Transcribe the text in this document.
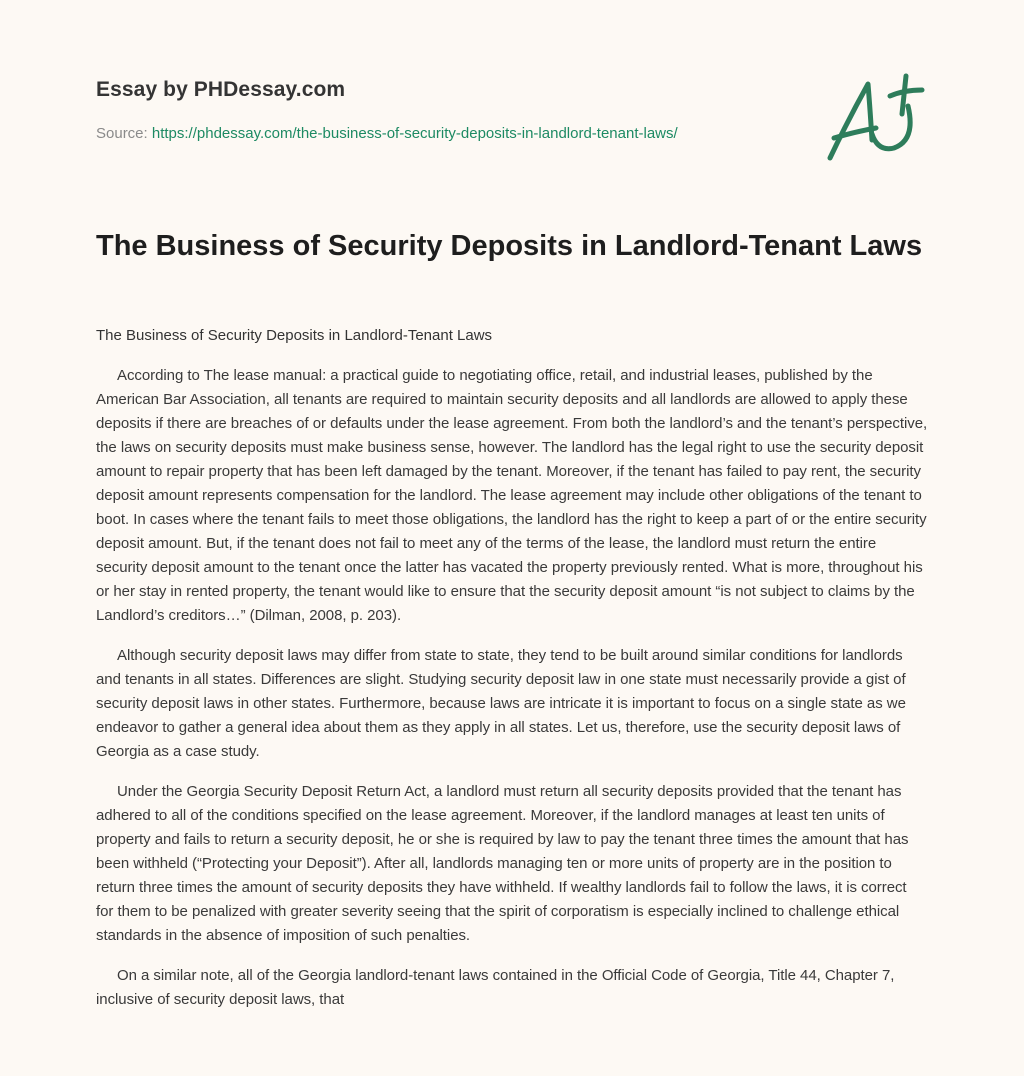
Essay by PHDessay.com
Source: https://phdessay.com/the-business-of-security-deposits-in-landlord-tenant-laws/
The Business of Security Deposits in Landlord-Tenant Laws

The Business of Security Deposits in Landlord-Tenant Laws

According to The lease manual: a practical guide to negotiating office, retail, and industrial leases, published by the American Bar Association, all tenants are required to maintain security deposits and all landlords are allowed to apply these deposits if there are breaches of or defaults under the lease agreement. From both the landlord’s and the tenant’s perspective, the laws on security deposits must make business sense, however. The landlord has the legal right to use the security deposit amount to repair property that has been left damaged by the tenant. Moreover, if the tenant has failed to pay rent, the security deposit amount represents compensation for the landlord. The lease agreement may include other obligations of the tenant to boot. In cases where the tenant fails to meet those obligations, the landlord has the right to keep a part of or the entire security deposit amount. But, if the tenant does not fail to meet any of the terms of the lease, the landlord must return the entire security deposit amount to the tenant once the latter has vacated the property previously rented. What is more, throughout his or her stay in rented property, the tenant would like to ensure that the security deposit amount “is not subject to claims by the Landlord’s creditors…” (Dilman, 2008, p. 203).

Although security deposit laws may differ from state to state, they tend to be built around similar conditions for landlords and tenants in all states. Differences are slight. Studying security deposit law in one state must necessarily provide a gist of security deposit laws in other states. Furthermore, because laws are intricate it is important to focus on a single state as we endeavor to gather a general idea about them as they apply in all states. Let us, therefore, use the security deposit laws of Georgia as a case study.

Under the Georgia Security Deposit Return Act, a landlord must return all security deposits provided that the tenant has adhered to all of the conditions specified on the lease agreement. Moreover, if the landlord manages at least ten units of property and fails to return a security deposit, he or she is required by law to pay the tenant three times the amount that has been withheld (“Protecting your Deposit”). After all, landlords managing ten or more units of property are in the position to return three times the amount of security deposits they have withheld. If wealthy landlords fail to follow the laws, it is correct for them to be penalized with greater severity seeing that the spirit of corporatism is especially inclined to challenge ethical standards in the absence of imposition of such penalties.

On a similar note, all of the Georgia landlord-tenant laws contained in the Official Code of Georgia, Title 44, Chapter 7, inclusive of security deposit laws, that
